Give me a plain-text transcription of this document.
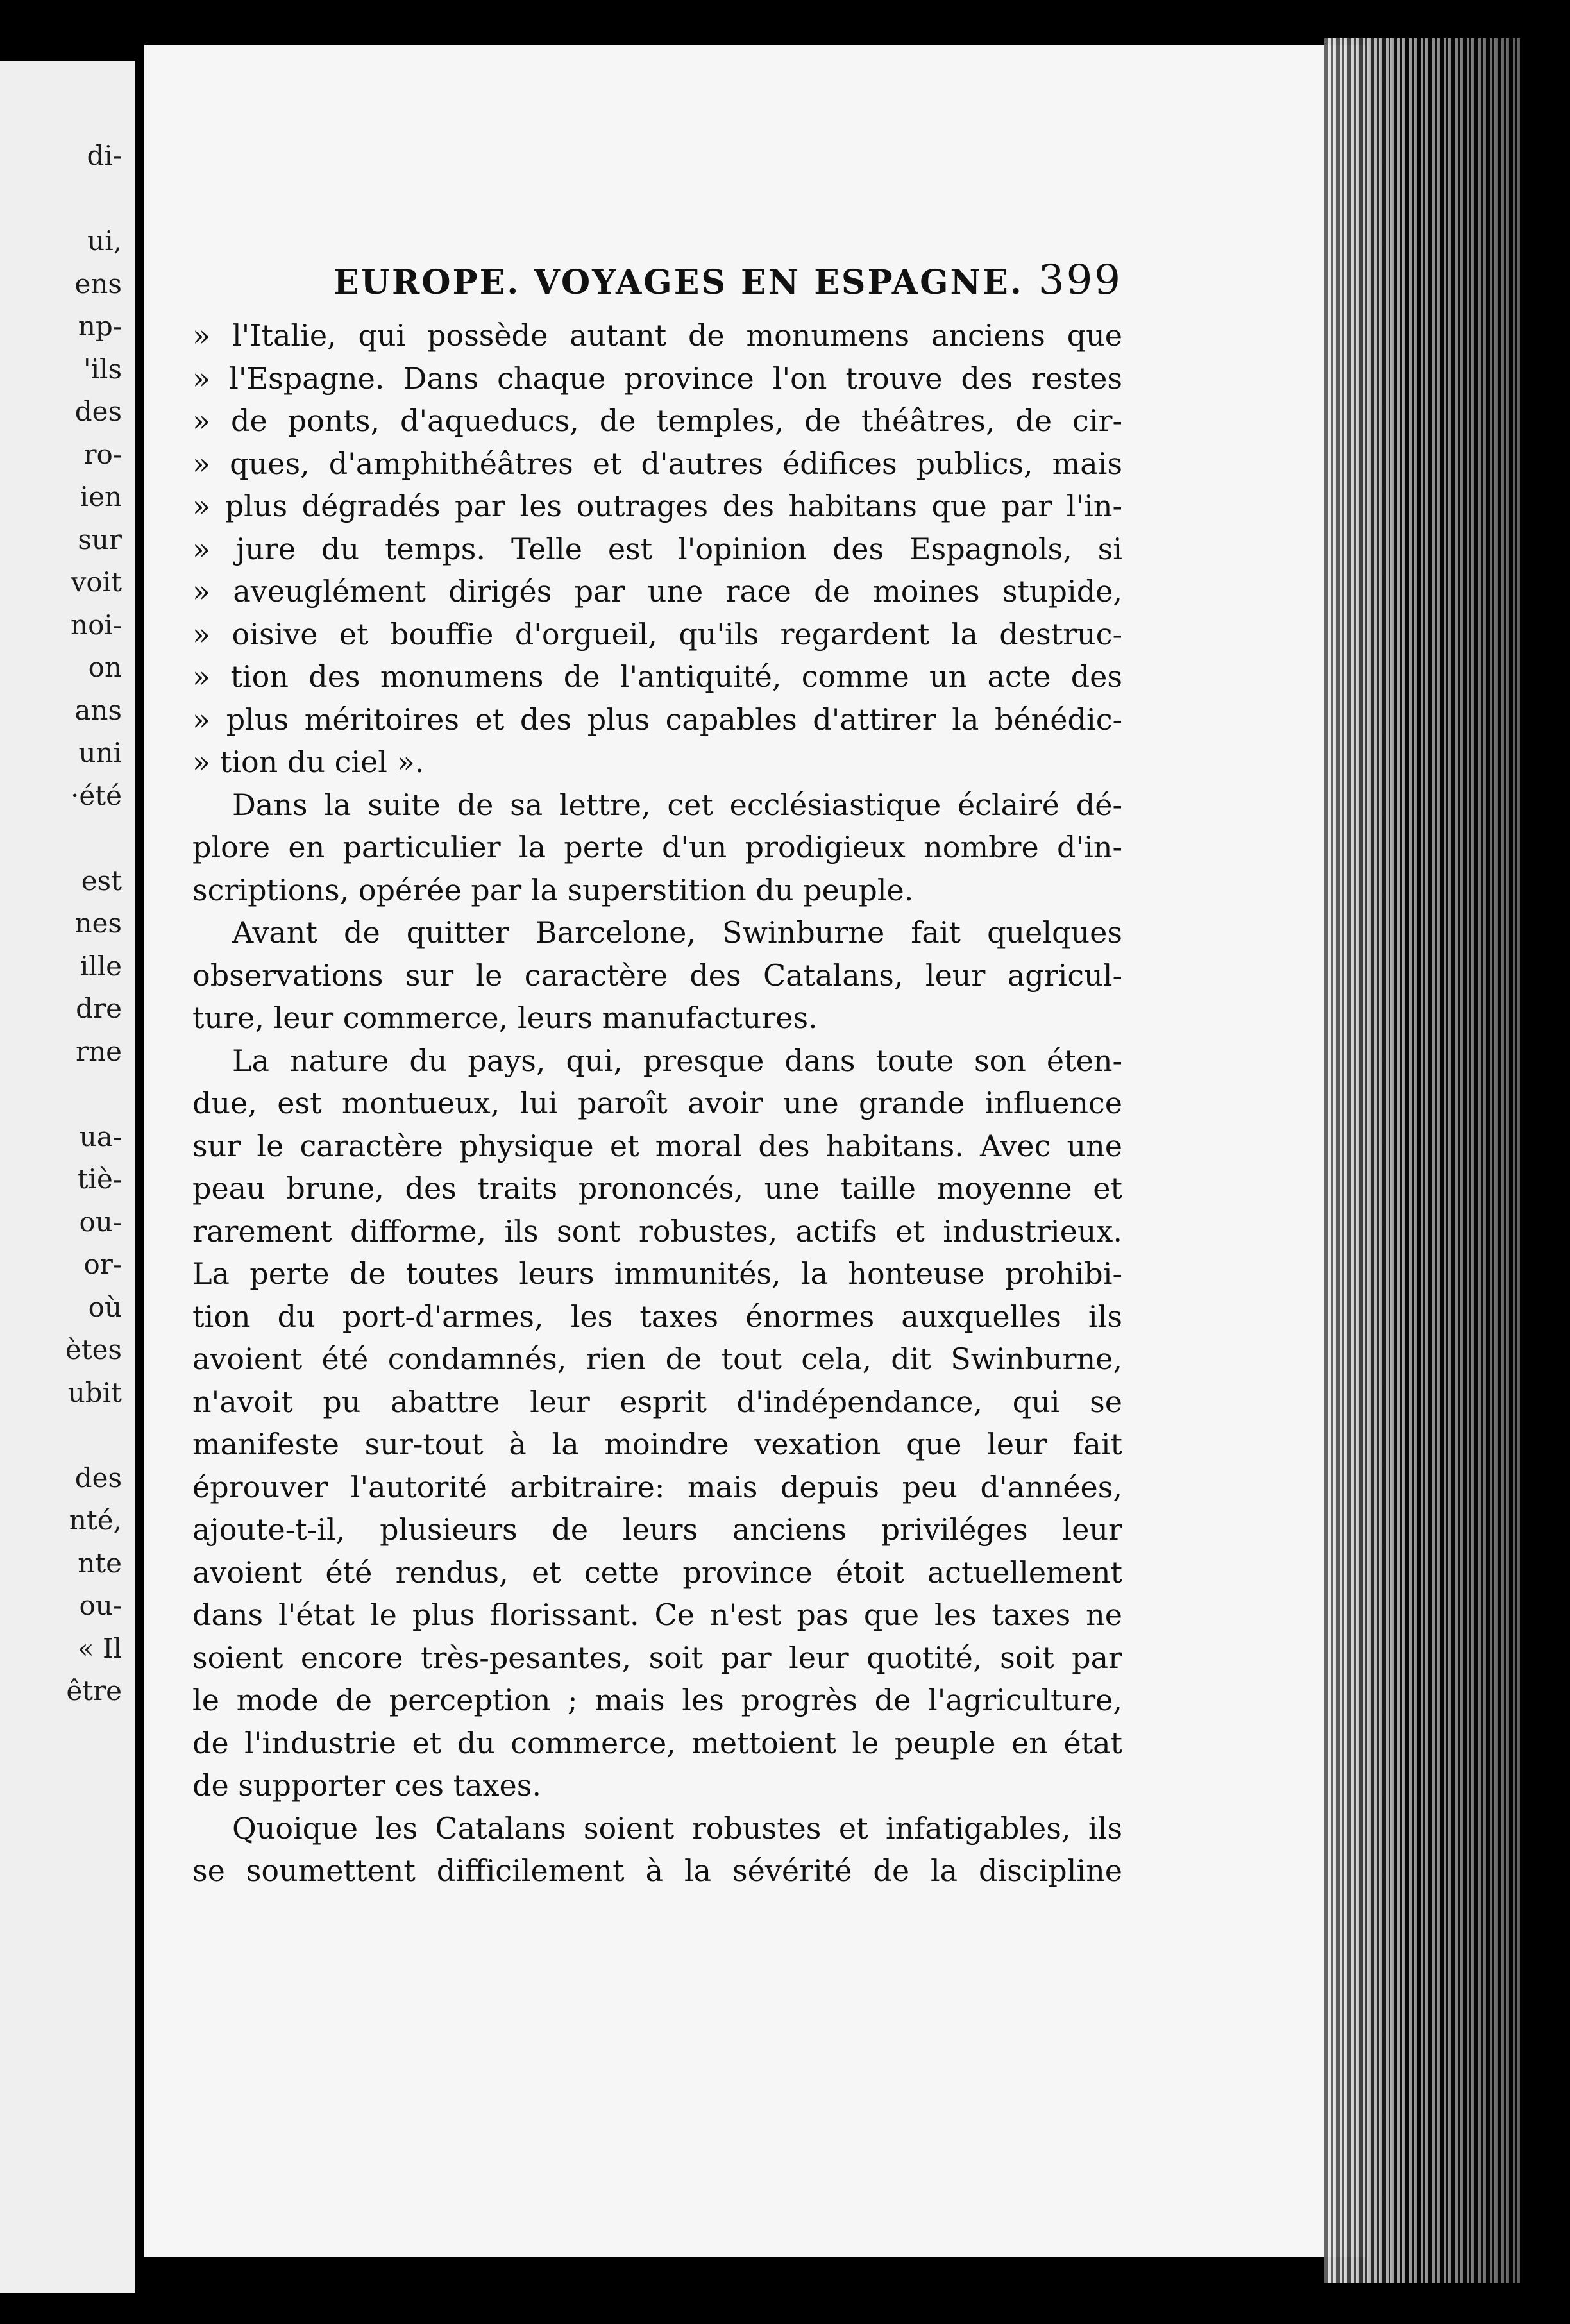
di-
ui,
ens
np-
'ils
des
ro-
ien
sur
voit
noi-
on
ans
uni
·été
est
nes
ille
dre
rne
ua-
tiè-
ou-
or-
où
ètes
ubit
des
nté,
nte
ou-
« Il
être
EUROPE. VOYAGES EN ESPAGNE. 399
» l'Italie, qui possède autant de monumens anciens que
» l'Espagne. Dans chaque province l'on trouve des restes
» de ponts, d'aqueducs, de temples, de théâtres, de cir-
» ques, d'amphithéâtres et d'autres édifices publics, mais
» plus dégradés par les outrages des habitans que par l'in-
» jure du temps. Telle est l'opinion des Espagnols, si
» aveuglément dirigés par une race de moines stupide,
» oisive et bouffie d'orgueil, qu'ils regardent la destruc-
» tion des monumens de l'antiquité, comme un acte des
» plus méritoires et des plus capables d'attirer la bénédic-
» tion du ciel ».
Dans la suite de sa lettre, cet ecclésiastique éclairé dé-
plore en particulier la perte d'un prodigieux nombre d'in-
scriptions, opérée par la superstition du peuple.
Avant de quitter Barcelone, Swinburne fait quelques
observations sur le caractère des Catalans, leur agricul-
ture, leur commerce, leurs manufactures.
La nature du pays, qui, presque dans toute son éten-
due, est montueux, lui paroît avoir une grande influence
sur le caractère physique et moral des habitans. Avec une
peau brune, des traits prononcés, une taille moyenne et
rarement difforme, ils sont robustes, actifs et industrieux.
La perte de toutes leurs immunités, la honteuse prohibi-
tion du port-d'armes, les taxes énormes auxquelles ils
avoient été condamnés, rien de tout cela, dit Swinburne,
n'avoit pu abattre leur esprit d'indépendance, qui se
manifeste sur-tout à la moindre vexation que leur fait
éprouver l'autorité arbitraire: mais depuis peu d'années,
ajoute-t-il, plusieurs de leurs anciens priviléges leur
avoient été rendus, et cette province étoit actuellement
dans l'état le plus florissant. Ce n'est pas que les taxes ne
soient encore très-pesantes, soit par leur quotité, soit par
le mode de perception ; mais les progrès de l'agriculture,
de l'industrie et du commerce, mettoient le peuple en état
de supporter ces taxes.
Quoique les Catalans soient robustes et infatigables, ils
se soumettent difficilement à la sévérité de la discipline
